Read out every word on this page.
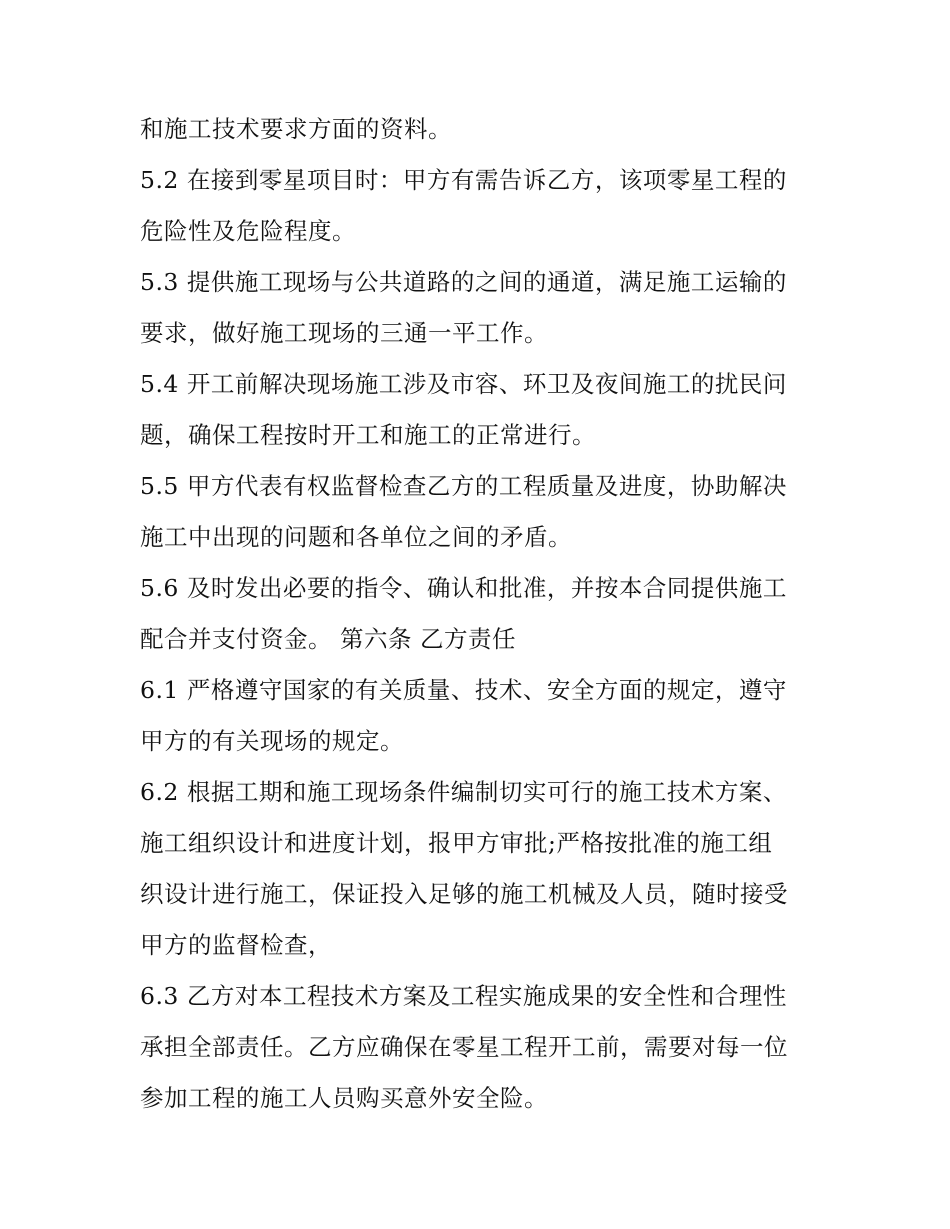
和施工技术要求方面的资料。
5.2 在接到零星项目时：甲方有需告诉乙方，该项零星工程的
危险性及危险程度。
5.3 提供施工现场与公共道路的之间的通道，满足施工运输的
要求，做好施工现场的三通一平工作。
5.4 开工前解决现场施工涉及市容、环卫及夜间施工的扰民问
题，确保工程按时开工和施工的正常进行。
5.5 甲方代表有权监督检查乙方的工程质量及进度，协助解决
施工中出现的问题和各单位之间的矛盾。
5.6 及时发出必要的指令、确认和批准，并按本合同提供施工
配合并支付资金。 第六条 乙方责任
6.1 严格遵守国家的有关质量、技术、安全方面的规定，遵守
甲方的有关现场的规定。
6.2 根据工期和施工现场条件编制切实可行的施工技术方案、
施工组织设计和进度计划，报甲方审批;严格按批准的施工组
织设计进行施工，保证投入足够的施工机械及人员，随时接受
甲方的监督检查，
6.3 乙方对本工程技术方案及工程实施成果的安全性和合理性
承担全部责任。乙方应确保在零星工程开工前，需要对每一位
参加工程的施工人员购买意外安全险。
